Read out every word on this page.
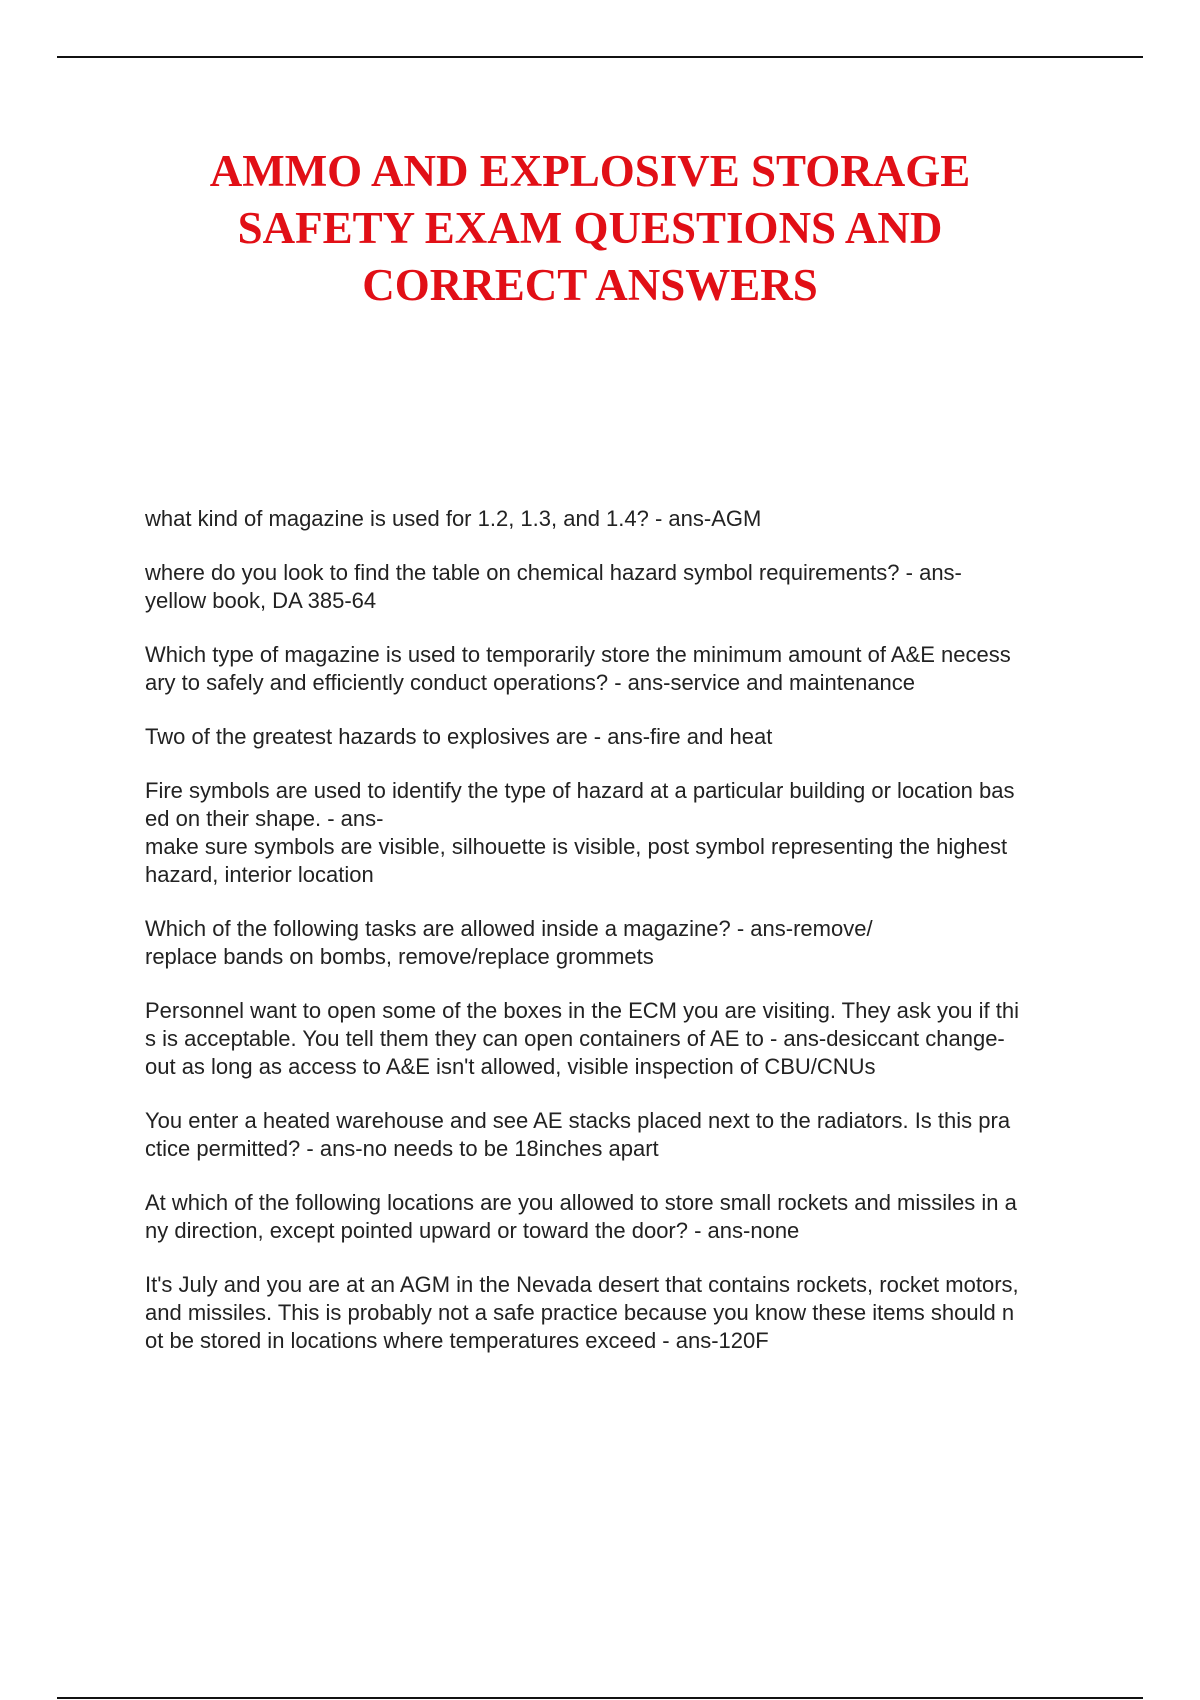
AMMO AND EXPLOSIVE STORAGE
SAFETY EXAM QUESTIONS AND
CORRECT ANSWERS

what kind of magazine is used for 1.2, 1.3, and 1.4? - ans-AGM

where do you look to find the table on chemical hazard symbol requirements? - ans-
yellow book, DA 385-64

Which type of magazine is used to temporarily store the minimum amount of A&E necess
ary to safely and efficiently conduct operations? - ans-service and maintenance

Two of the greatest hazards to explosives are - ans-fire and heat

Fire symbols are used to identify the type of hazard at a particular building or location bas
ed on their shape. - ans-
make sure symbols are visible, silhouette is visible, post symbol representing the highest
hazard, interior location

Which of the following tasks are allowed inside a magazine? - ans-remove/
replace bands on bombs, remove/replace grommets

Personnel want to open some of the boxes in the ECM you are visiting. They ask you if thi
s is acceptable. You tell them they can open containers of AE to - ans-desiccant change-
out as long as access to A&E isn't allowed, visible inspection of CBU/CNUs

You enter a heated warehouse and see AE stacks placed next to the radiators. Is this pra
ctice permitted? - ans-no needs to be 18inches apart

At which of the following locations are you allowed to store small rockets and missiles in a
ny direction, except pointed upward or toward the door? - ans-none

It's July and you are at an AGM in the Nevada desert that contains rockets, rocket motors,
and missiles. This is probably not a safe practice because you know these items should n
ot be stored in locations where temperatures exceed - ans-120F
